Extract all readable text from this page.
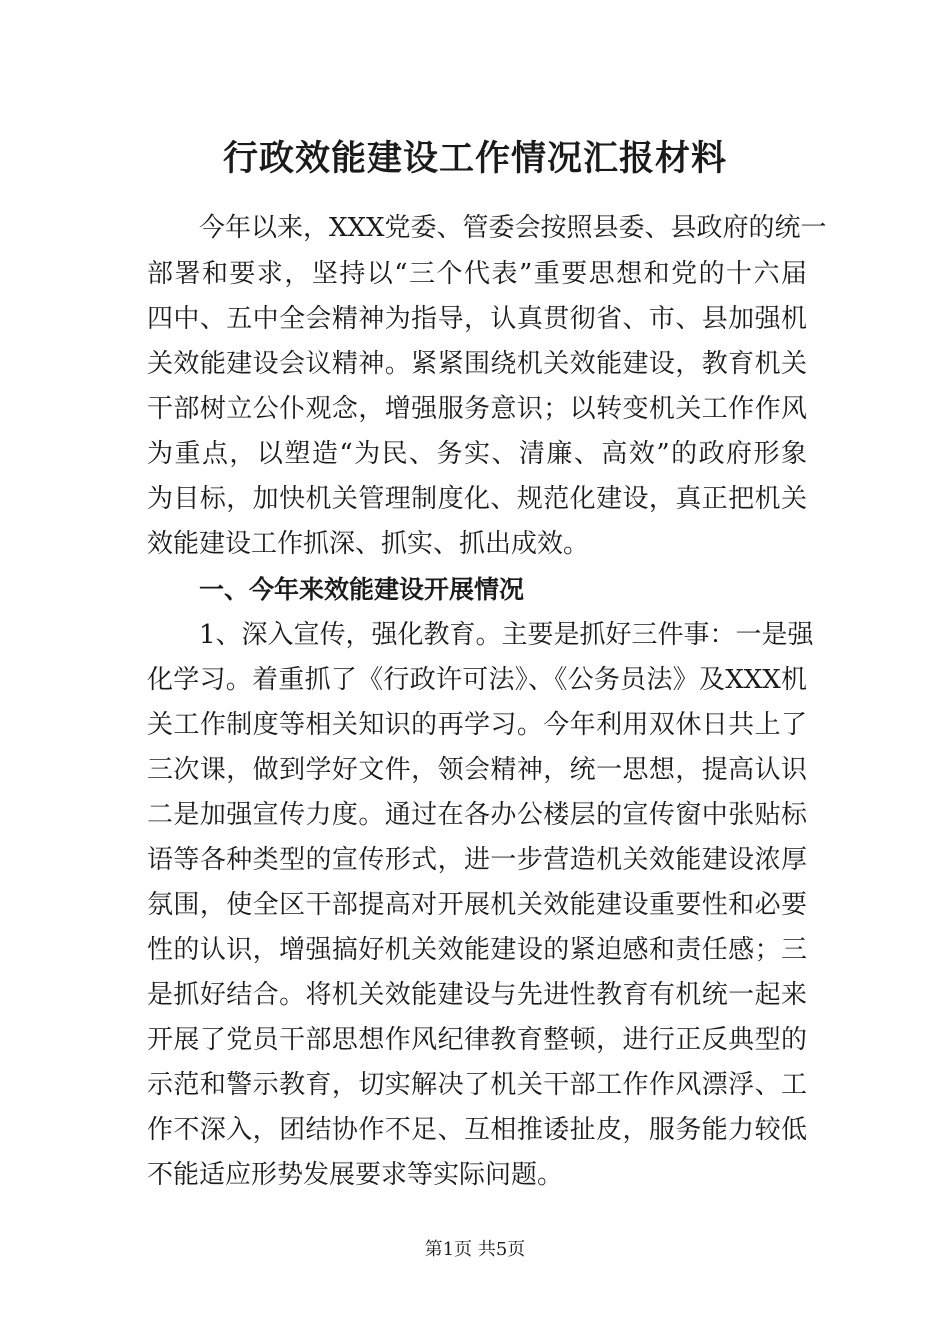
行政效能建设工作情况汇报材料
今年以来，XXX党委、管委会按照县委、县政府的统一
部署和要求，坚持以“三个代表”重要思想和党的十六届
四中、五中全会精神为指导，认真贯彻省、市、县加强机
关效能建设会议精神。紧紧围绕机关效能建设，教育机关
干部树立公仆观念，增强服务意识；以转变机关工作作风
为重点，以塑造“为民、务实、清廉、高效”的政府形象
为目标，加快机关管理制度化、规范化建设，真正把机关
效能建设工作抓深、抓实、抓出成效。
一、今年来效能建设开展情况
1、深入宣传，强化教育。主要是抓好三件事：一是强
化学习。着重抓了《行政许可法》、《公务员法》及XXX机
关工作制度等相关知识的再学习。今年利用双休日共上了
三次课，做到学好文件，领会精神，统一思想，提高认识
二是加强宣传力度。通过在各办公楼层的宣传窗中张贴标
语等各种类型的宣传形式，进一步营造机关效能建设浓厚
氛围，使全区干部提高对开展机关效能建设重要性和必要
性的认识，增强搞好机关效能建设的紧迫感和责任感；三
是抓好结合。将机关效能建设与先进性教育有机统一起来
开展了党员干部思想作风纪律教育整顿，进行正反典型的
示范和警示教育，切实解决了机关干部工作作风漂浮、工
作不深入，团结协作不足、互相推诿扯皮，服务能力较低
不能适应形势发展要求等实际问题。
第1页 共5页
